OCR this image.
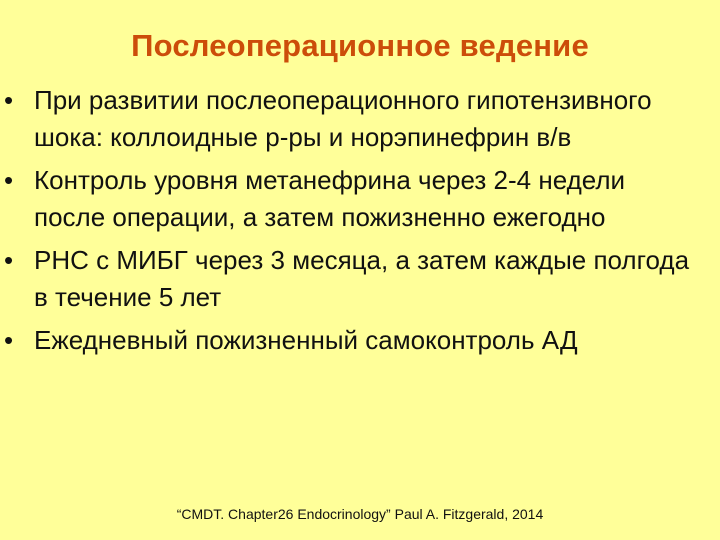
Послеоперационное ведение
• При развитии послеоперационного гипотензивного шока: коллоидные р-ры и норэпинефрин в/в
• Контроль уровня метанефрина через 2-4 недели после операции, а затем пожизненно ежегодно
• РНС с МИБГ через 3 месяца, а затем каждые полгода в течение 5 лет
• Ежедневный пожизненный самоконтроль АД
“CMDT. Chapter26 Endocrinology” Paul A. Fitzgerald, 2014
